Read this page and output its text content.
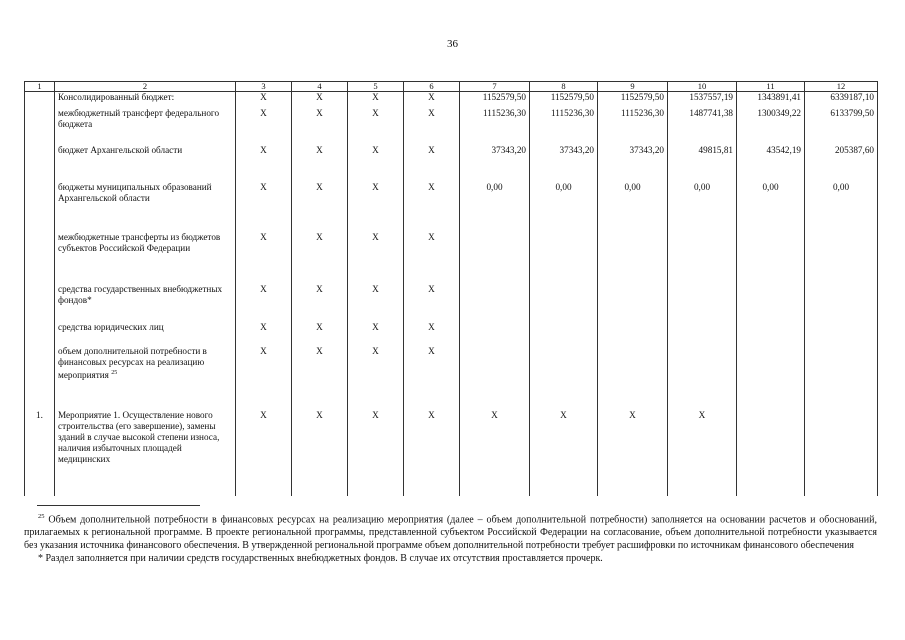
36
1	2	3	4	5	6	7	8	9	10	11	12
	Консолидированный бюджет:	X	X	X	X	1152579,50	1152579,50	1152579,50	1537557,19	1343891,41	6339187,10
	межбюджетный трансферт федерального бюджета	X	X	X	X	1115236,30	1115236,30	1115236,30	1487741,38	1300349,22	6133799,50
	бюджет Архангельской области	X	X	X	X	37343,20	37343,20	37343,20	49815,81	43542,19	205387,60
	бюджеты муниципальных образований Архангельской области	X	X	X	X	0,00	0,00	0,00	0,00	0,00	0,00
	межбюджетные трансферты из бюджетов субъектов Российской Федерации	X	X	X	X						
	средства государственных внебюджетных фондов*	X	X	X	X						
	средства юридических лиц	X	X	X	X						
	объем дополнительной потребности в финансовых ресурсах на реализацию мероприятия $^{25}$	X	X	X	X						
1.	Мероприятие 1. Осуществление нового строительства (его завершение), замены зданий в случае высокой степени износа, наличия избыточных площадей медицинских	X	X	X	X	X	X	X	X		

$^{25}$ Объем дополнительной потребности в финансовых ресурсах на реализацию мероприятия (далее – объем дополнительной потребности) заполняется на основании расчетов и обоснований, прилагаемых к региональной программе. В проекте региональной программы, представленной субъектом Российской Федерации на согласование, объем дополнительной потребности указывается без указания источника финансового обеспечения. В утвержденной региональной программе объем дополнительной потребности требует расшифровки по источникам финансового обеспечения

* Раздел заполняется при наличии средств государственных внебюджетных фондов. В случае их отсутствия проставляется прочерк.
